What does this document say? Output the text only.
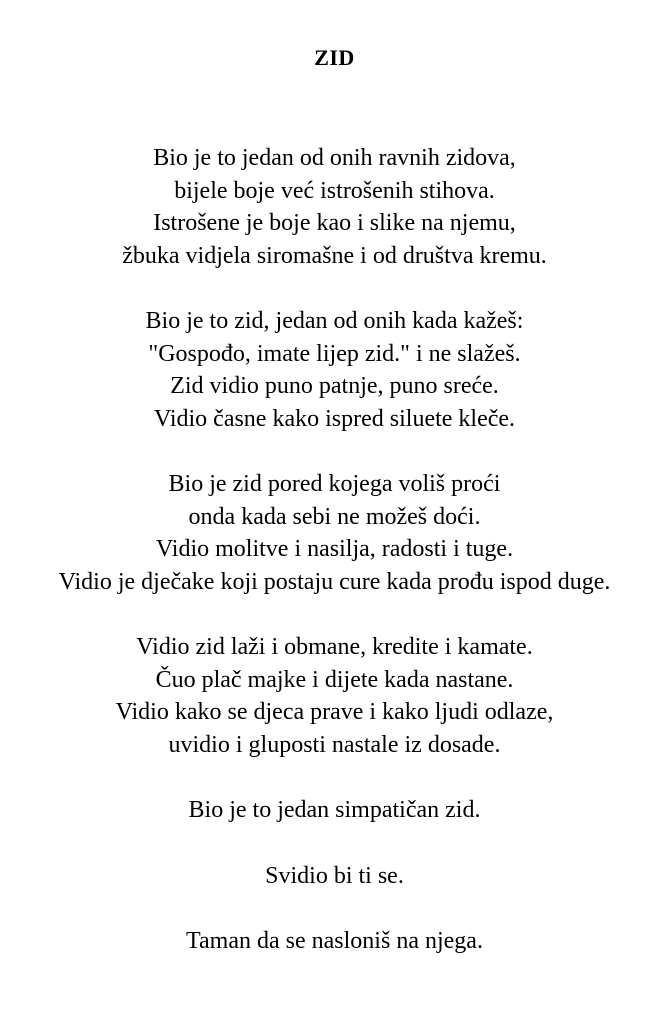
ZID
Bio je to jedan od onih ravnih zidova,
bijele boje već istrošenih stihova.
Istrošene je boje kao i slike na njemu,
žbuka vidjela siromašne i od društva kremu.
Bio je to zid, jedan od onih kada kažeš:
"Gospođo, imate lijep zid." i ne slažeš.
Zid vidio puno patnje, puno sreće.
Vidio časne kako ispred siluete kleče.
Bio je zid pored kojega voliš proći
onda kada sebi ne možeš doći.
Vidio molitve i nasilja, radosti i tuge.
Vidio je dječake koji postaju cure kada prođu ispod duge.
Vidio zid laži i obmane, kredite i kamate.
Čuo plač majke i dijete kada nastane.
Vidio kako se djeca prave i kako ljudi odlaze,
uvidio i gluposti nastale iz dosade.
Bio je to jedan simpatičan zid.
Svidio bi ti se.
Taman da se nasloniš na njega.
